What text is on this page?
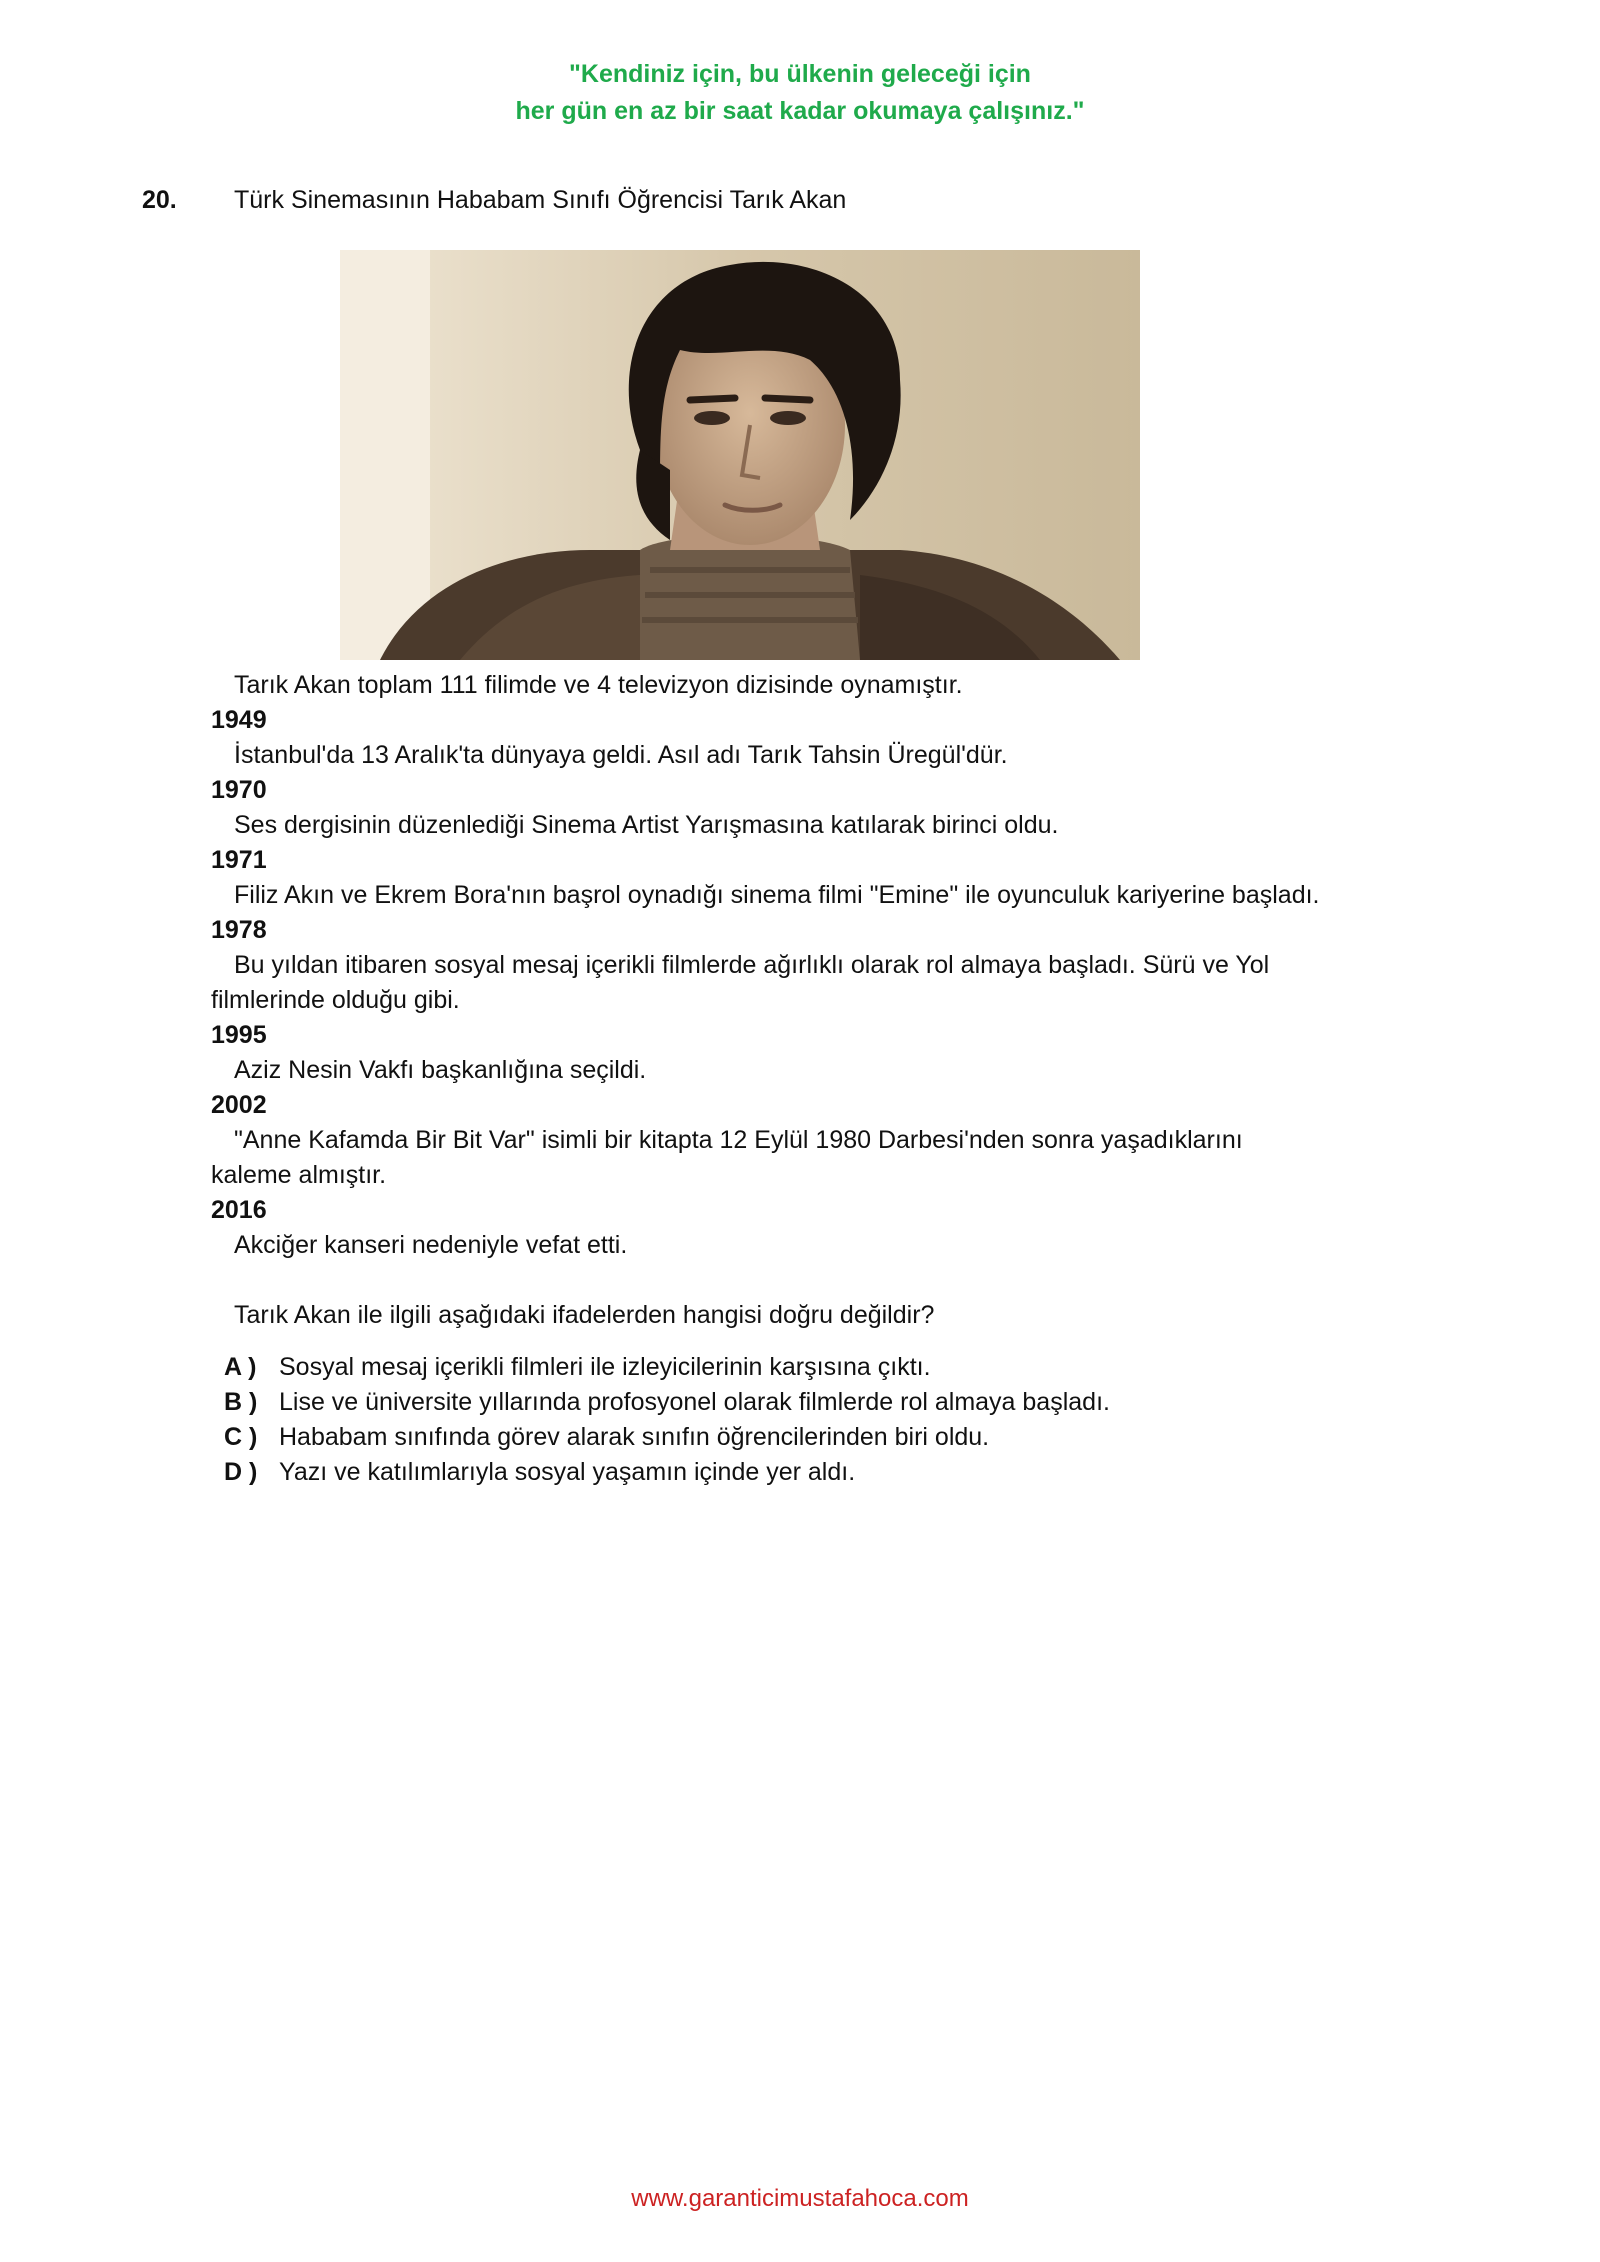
"Kendiniz için, bu ülkenin geleceği için
her gün en az bir saat kadar okumaya çalışınız."
20. Türk Sinemasının Hababam Sınıfı Öğrencisi Tarık Akan
Tarık Akan toplam 111 filimde ve 4 televizyon dizisinde oynamıştır.
1949
İstanbul'da 13 Aralık'ta dünyaya geldi. Asıl adı Tarık Tahsin Üregül'dür.
1970
Ses dergisinin düzenlediği Sinema Artist Yarışmasına katılarak birinci oldu.
1971
Filiz Akın ve Ekrem Bora'nın başrol oynadığı sinema filmi "Emine" ile oyunculuk kariyerine başladı.
1978
Bu yıldan itibaren sosyal mesaj içerikli filmlerde ağırlıklı olarak rol almaya başladı. Sürü ve Yol
filmlerinde olduğu gibi.
1995
Aziz Nesin Vakfı başkanlığına seçildi.
2002
"Anne Kafamda Bir Bit Var" isimli bir kitapta 12 Eylül 1980 Darbesi'nden sonra yaşadıklarını
kaleme almıştır.
2016
Akciğer kanseri nedeniyle vefat etti.
Tarık Akan ile ilgili aşağıdaki ifadelerden hangisi doğru değildir?
A ) Sosyal mesaj içerikli filmleri ile izleyicilerinin karşısına çıktı.
B ) Lise ve üniversite yıllarında profosyonel olarak filmlerde rol almaya başladı.
C ) Hababam sınıfında görev alarak sınıfın öğrencilerinden biri oldu.
D ) Yazı ve katılımlarıyla sosyal yaşamın içinde yer aldı.
www.garanticimustafahoca.com
